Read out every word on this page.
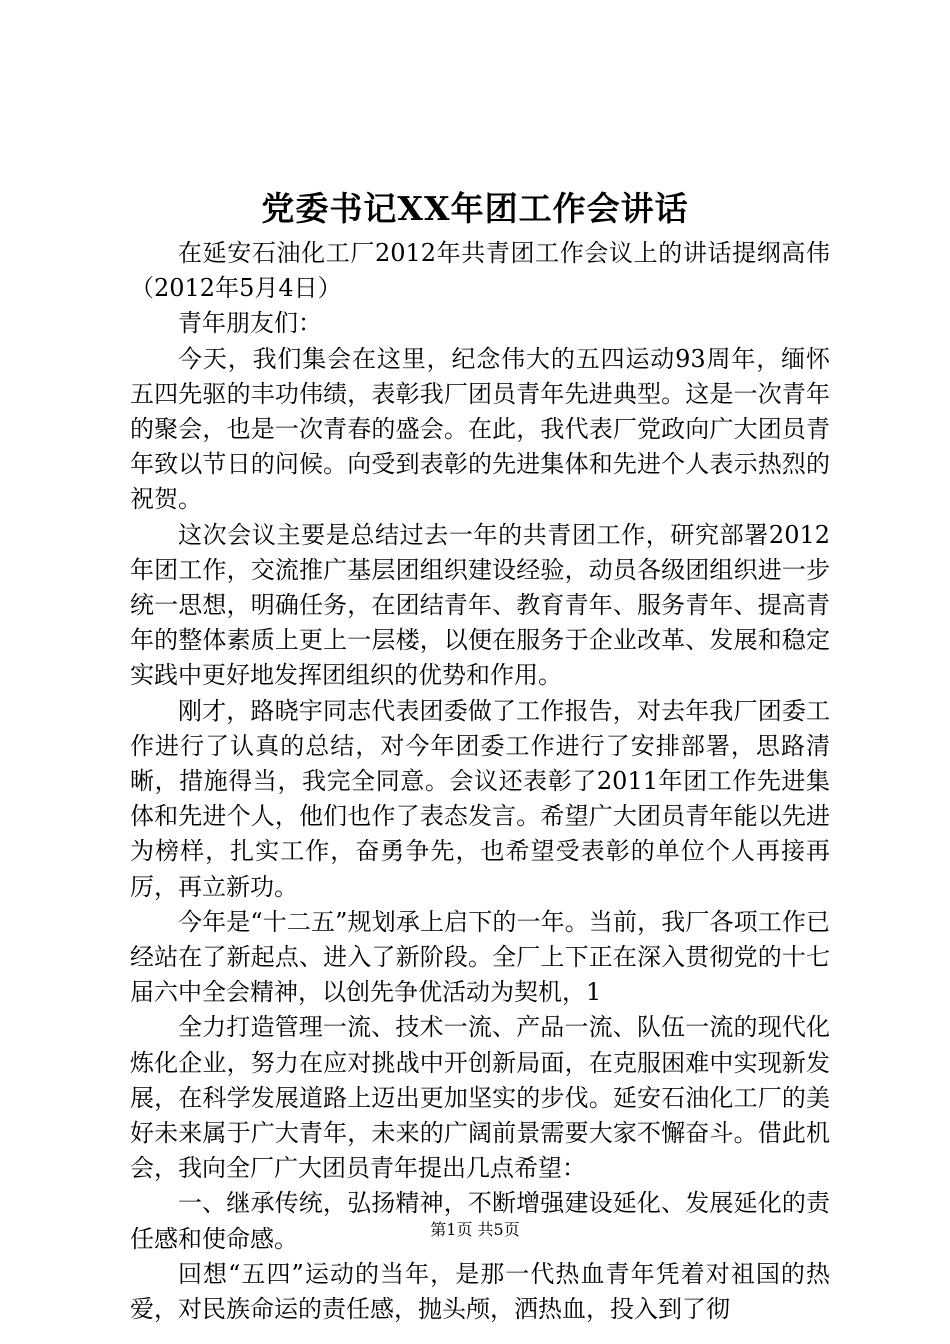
党委书记XX年团工作会讲话

在延安石油化工厂2012年共青团工作会议上的讲话提纲高伟（2012年5月4日）

青年朋友们：

今天，我们集会在这里，纪念伟大的五四运动93周年，缅怀五四先驱的丰功伟绩，表彰我厂团员青年先进典型。这是一次青年的聚会，也是一次青春的盛会。在此，我代表厂党政向广大团员青年致以节日的问候。向受到表彰的先进集体和先进个人表示热烈的祝贺。

这次会议主要是总结过去一年的共青团工作，研究部署2012年团工作，交流推广基层团组织建设经验，动员各级团组织进一步统一思想，明确任务，在团结青年、教育青年、服务青年、提高青年的整体素质上更上一层楼，以便在服务于企业改革、发展和稳定实践中更好地发挥团组织的优势和作用。

刚才，路晓宇同志代表团委做了工作报告，对去年我厂团委工作进行了认真的总结，对今年团委工作进行了安排部署，思路清晰，措施得当，我完全同意。会议还表彰了2011年团工作先进集体和先进个人，他们也作了表态发言。希望广大团员青年能以先进为榜样，扎实工作，奋勇争先，也希望受表彰的单位个人再接再厉，再立新功。

今年是“十二五”规划承上启下的一年。当前，我厂各项工作已经站在了新起点、进入了新阶段。全厂上下正在深入贯彻党的十七届六中全会精神，以创先争优活动为契机，1

全力打造管理一流、技术一流、产品一流、队伍一流的现代化炼化企业，努力在应对挑战中开创新局面，在克服困难中实现新发展，在科学发展道路上迈出更加坚实的步伐。延安石油化工厂的美好未来属于广大青年，未来的广阔前景需要大家不懈奋斗。借此机会，我向全厂广大团员青年提出几点希望：

一、继承传统，弘扬精神，不断增强建设延化、发展延化的责任感和使命感。

回想“五四”运动的当年，是那一代热血青年凭着对祖国的热爱，对民族命运的责任感，抛头颅，洒热血，投入到了彻

第1页 共5页
